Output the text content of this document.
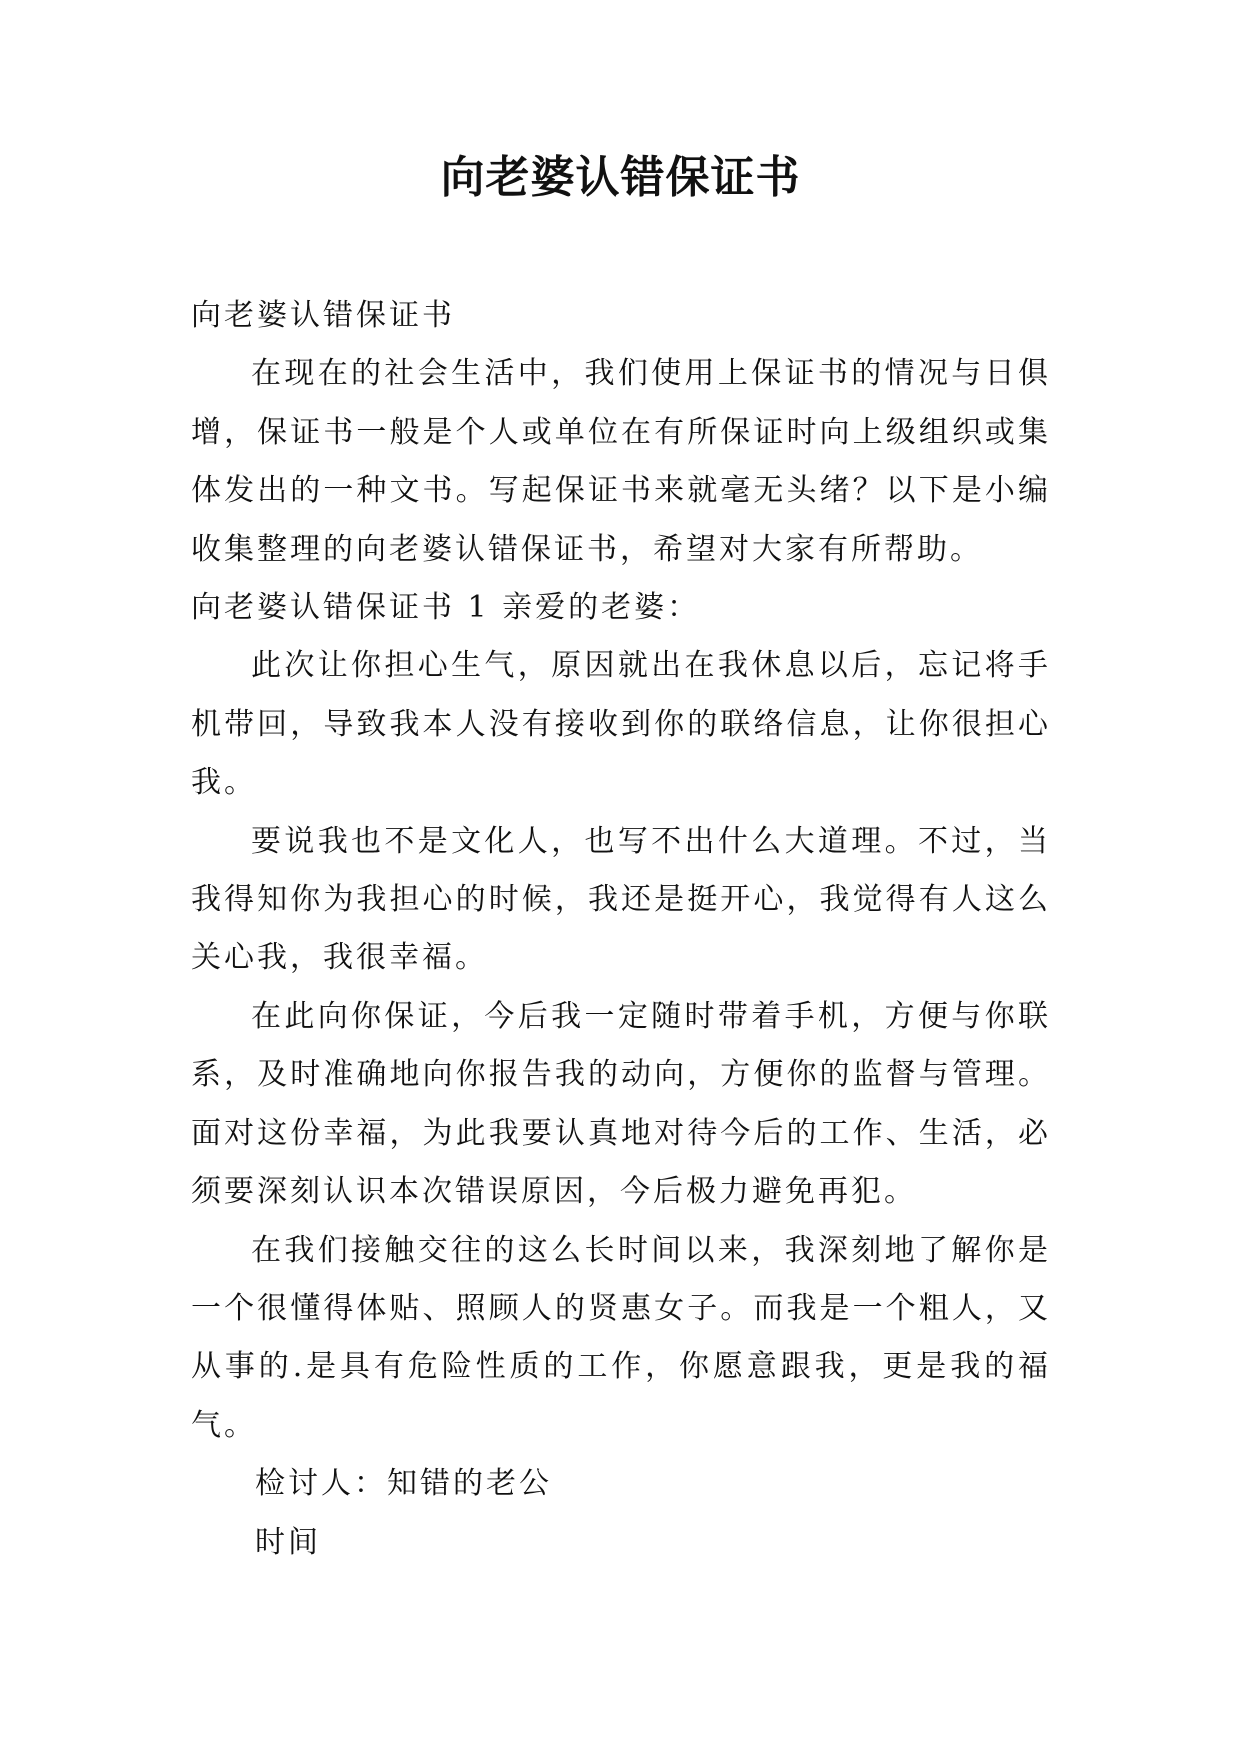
向老婆认错保证书

向老婆认错保证书

在现在的社会生活中，我们使用上保证书的情况与日俱增，保证书一般是个人或单位在有所保证时向上级组织或集体发出的一种文书。写起保证书来就毫无头绪？以下是小编收集整理的向老婆认错保证书，希望对大家有所帮助。

向老婆认错保证书 1 亲爱的老婆：

此次让你担心生气，原因就出在我休息以后，忘记将手机带回，导致我本人没有接收到你的联络信息，让你很担心我。

要说我也不是文化人，也写不出什么大道理。不过，当我得知你为我担心的时候，我还是挺开心，我觉得有人这么关心我，我很幸福。

在此向你保证，今后我一定随时带着手机，方便与你联系，及时准确地向你报告我的动向，方便你的监督与管理。面对这份幸福，为此我要认真地对待今后的工作、生活，必须要深刻认识本次错误原因，今后极力避免再犯。

在我们接触交往的这么长时间以来，我深刻地了解你是一个很懂得体贴、照顾人的贤惠女子。而我是一个粗人，又从事的.是具有危险性质的工作，你愿意跟我，更是我的福气。

检讨人：知错的老公

时间
